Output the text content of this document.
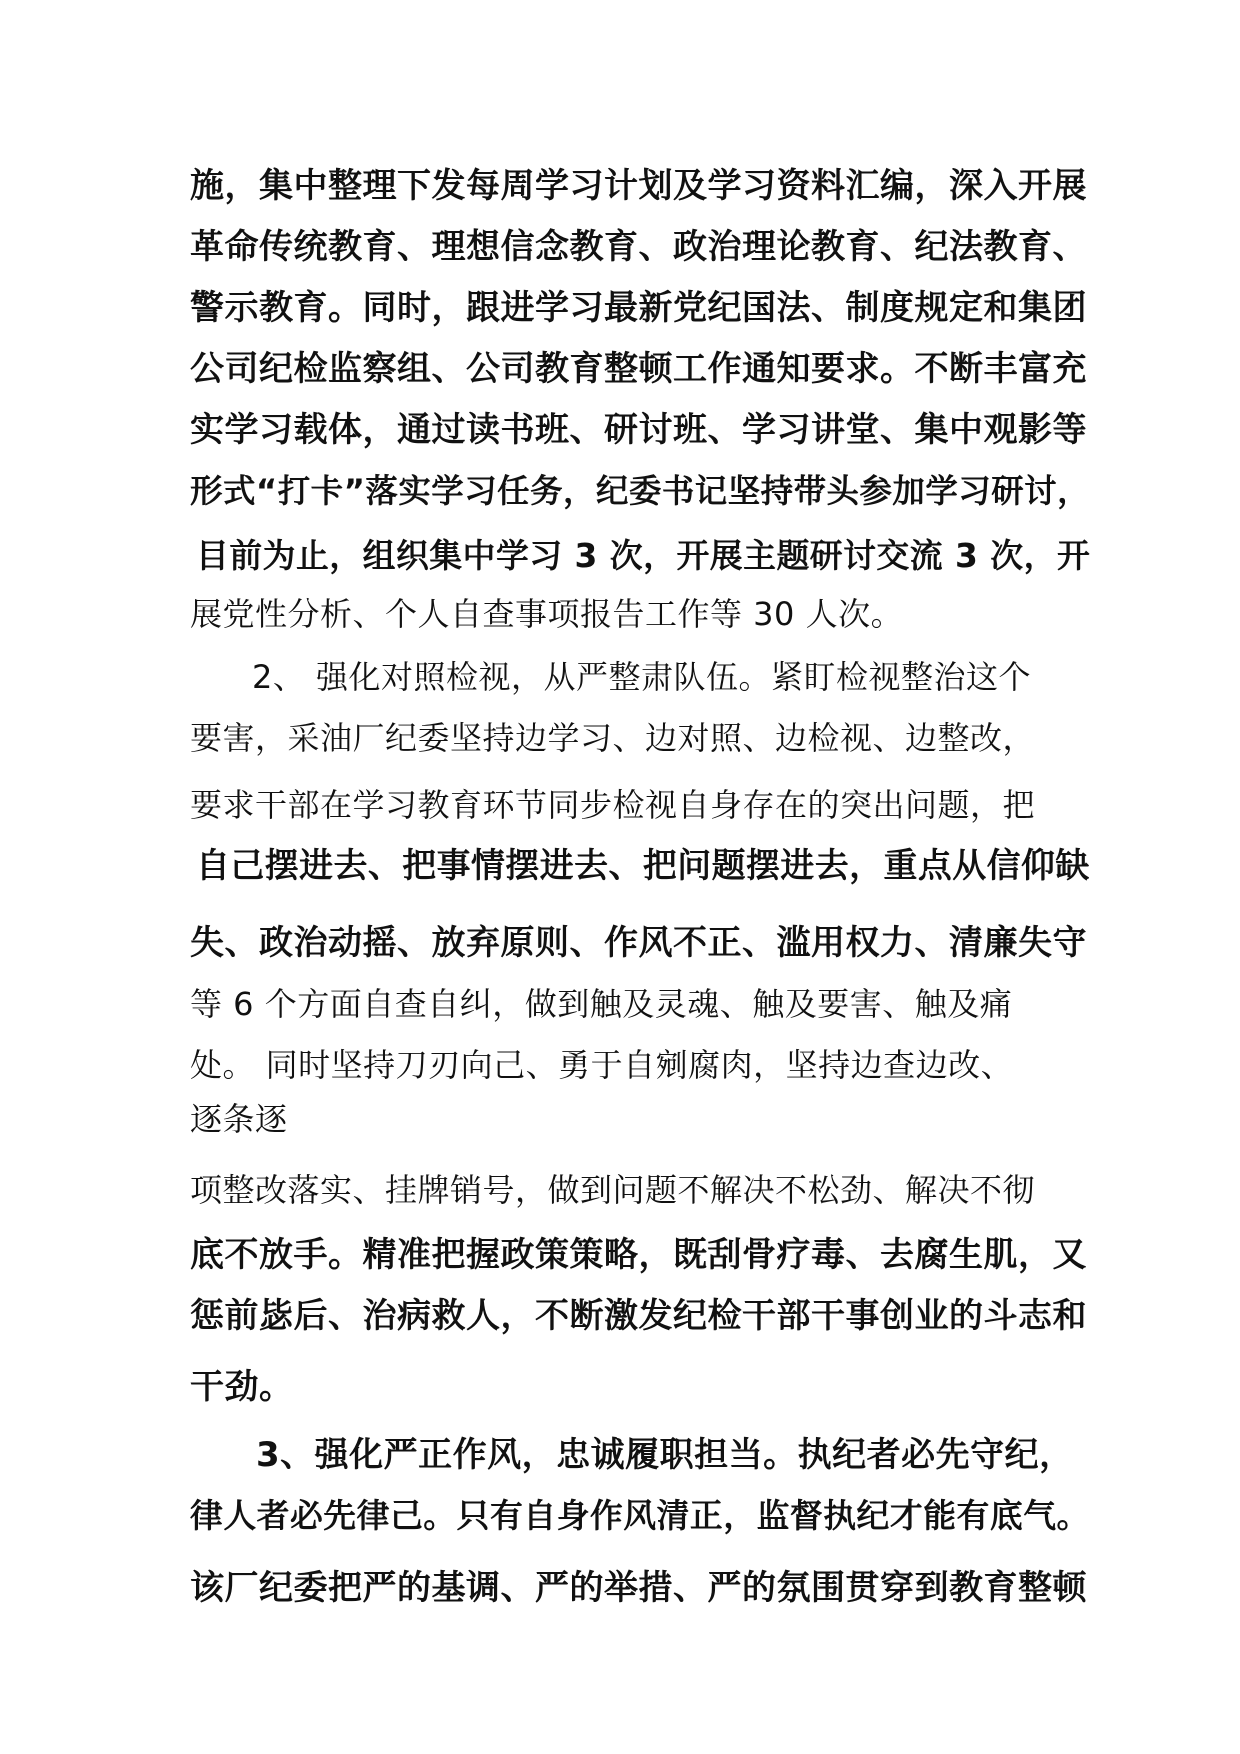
施，集中整理下发每周学习计划及学习资料汇编，深入开展

革命传统教育、理想信念教育、政治理论教育、纪法教育、

警示教育。同时，跟进学习最新党纪国法、制度规定和集团

公司纪检监察组、公司教育整顿工作通知要求。不断丰富充

实学习载体，通过读书班、研讨班、学习讲堂、集中观影等

形式“打卡”落实学习任务，纪委书记坚持带头参加学习研讨，

目前为止，组织集中学习 3 次，开展主题研讨交流 3 次，开

展党性分析、个人自查事项报告工作等 30 人次。

2、 强化对照检视，从严整肃队伍。紧盯检视整治这个

要害，采油厂纪委坚持边学习、边对照、边检视、边整改，

要求干部在学习教育环节同步检视自身存在的突出问题，把

自己摆进去、把事情摆进去、把问题摆进去，重点从信仰缺

失、政治动摇、放弃原则、作风不正、滥用权力、清廉失守

等 6 个方面自查自纠，做到触及灵魂、触及要害、触及痛

处。 同时坚持刀刃向己、勇于自剜腐肉，坚持边查边改、

逐条逐

项整改落实、挂牌销号，做到问题不解决不松劲、解决不彻

底不放手。精准把握政策策略，既刮骨疗毒、去腐生肌，又

惩前毖后、治病救人，不断激发纪检干部干事创业的斗志和

干劲。

3、强化严正作风，忠诚履职担当。执纪者必先守纪，

律人者必先律己。只有自身作风清正，监督执纪才能有底气。

该厂纪委把严的基调、严的举措、严的氛围贯穿到教育整顿
